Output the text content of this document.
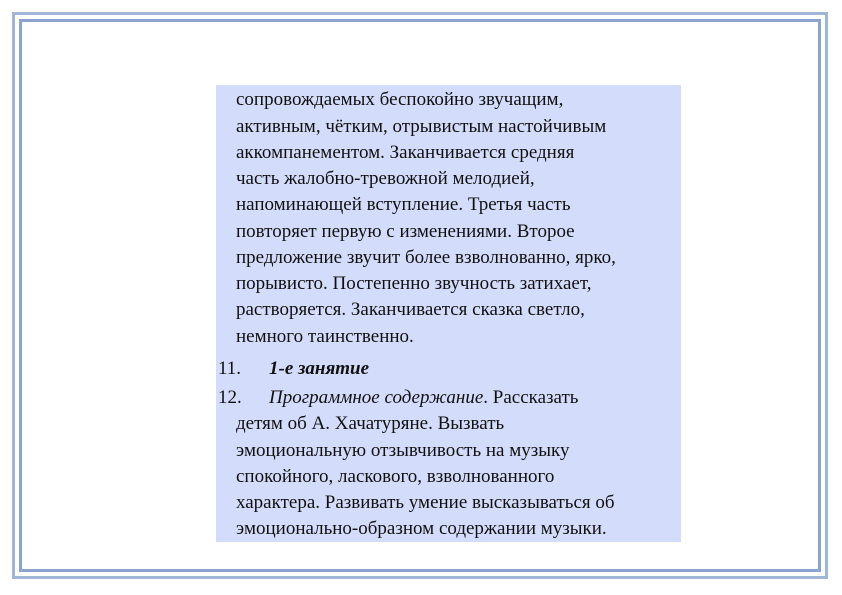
сопровождаемых беспокойно звучащим,
активным, чётким, отрывистым настойчивым
аккомпанементом. Заканчивается средняя
часть жалобно-тревожной мелодией,
напоминающей вступление. Третья часть
повторяет первую с изменениями. Второе
предложение звучит более взволнованно, ярко,
порывисто. Постепенно звучность затихает,
растворяется. Заканчивается сказка светло,
немного таинственно.
11. 1-е занятие
12. Программное содержание. Рассказать
детям об А. Хачатуряне. Вызвать
эмоциональную отзывчивость на музыку
спокойного, ласкового, взволнованного
характера. Развивать умение высказываться об
эмоционально-образном содержании музыки.
